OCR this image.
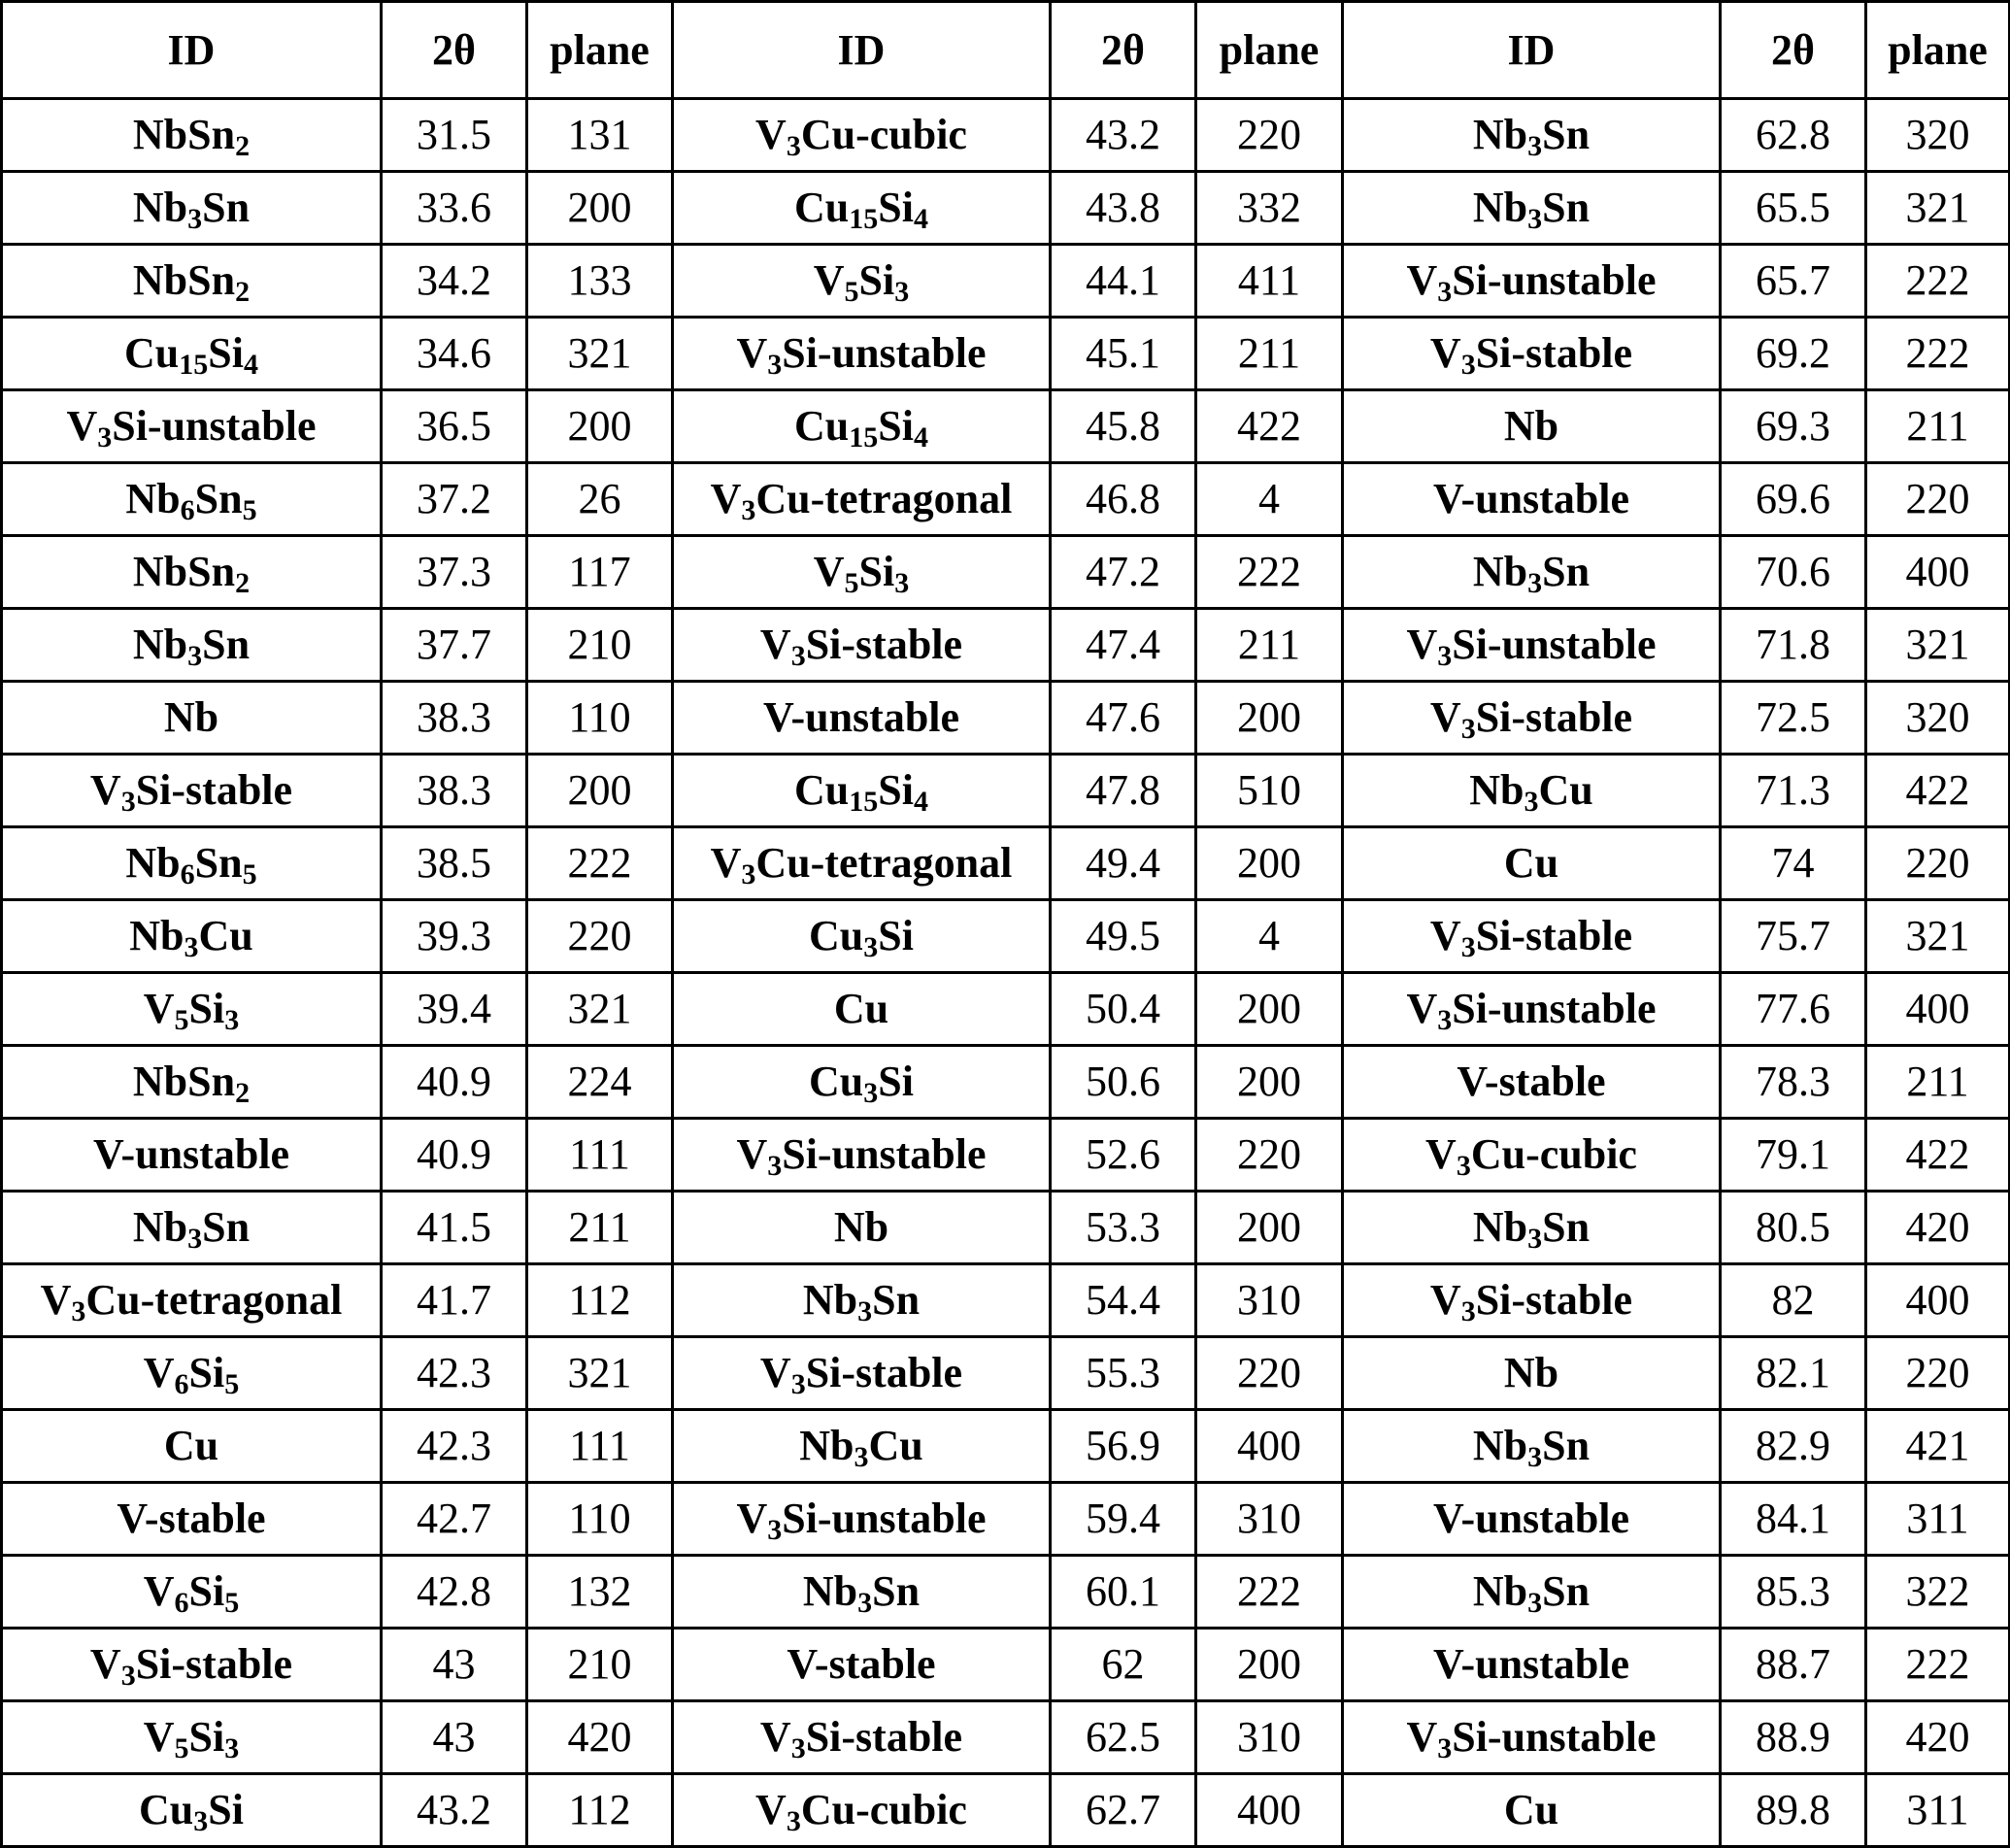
ID	2θ	plane	ID	2θ	plane	ID	2θ	plane
NbSn$_2$	31.5	131	$V_3Cu$-cubic	43.2	220	$Nb_3Sn$	62.8	320
$Nb_3Sn$	33.6	200	$Cu_{15}Si_4$	43.8	332	$Nb_3Sn$	65.5	321
NbSn$_2$	34.2	133	$V_5Si_3$	44.1	411	$V_3Si$-unstable	65.7	222
$Cu_{15}Si_4$	34.6	321	$V_3Si$-unstable	45.1	211	$V_3Si$-stable	69.2	222
$V_3Si$-unstable	36.5	200	$Cu_{15}Si_4$	45.8	422	Nb	69.3	211
$Nb_6Sn_5$	37.2	26	$V_3Cu$-tetragonal	46.8	4	V-unstable	69.6	220
NbSn$_2$	37.3	117	$V_5Si_3$	47.2	222	$Nb_3Sn$	70.6	400
$Nb_3Sn$	37.7	210	$V_3Si$-stable	47.4	211	$V_3Si$-unstable	71.8	321
Nb	38.3	110	V-unstable	47.6	200	$V_3Si$-stable	72.5	320
$V_3Si$-stable	38.3	200	$Cu_{15}Si_4$	47.8	510	$Nb_3Cu$	71.3	422
$Nb_6Sn_5$	38.5	222	$V_3Cu$-tetragonal	49.4	200	Cu	74	220
$Nb_3Cu$	39.3	220	$Cu_3Si$	49.5	4	$V_3Si$-stable	75.7	321
$V_5Si_3$	39.4	321	Cu	50.4	200	$V_3Si$-unstable	77.6	400
NbSn$_2$	40.9	224	$Cu_3Si$	50.6	200	V-stable	78.3	211
V-unstable	40.9	111	$V_3Si$-unstable	52.6	220	$V_3Cu$-cubic	79.1	422
$Nb_3Sn$	41.5	211	Nb	53.3	200	$Nb_3Sn$	80.5	420
$V_3Cu$-tetragonal	41.7	112	$Nb_3Sn$	54.4	310	$V_3Si$-stable	82	400
$V_6Si_5$	42.3	321	$V_3Si$-stable	55.3	220	Nb	82.1	220
Cu	42.3	111	$Nb_3Cu$	56.9	400	$Nb_3Sn$	82.9	421
V-stable	42.7	110	$V_3Si$-unstable	59.4	310	V-unstable	84.1	311
$V_6Si_5$	42.8	132	$Nb_3Sn$	60.1	222	$Nb_3Sn$	85.3	322
$V_3Si$-stable	43	210	V-stable	62	200	V-unstable	88.7	222
$V_5Si_3$	43	420	$V_3Si$-stable	62.5	310	$V_3Si$-unstable	88.9	420
$Cu_3Si$	43.2	112	$V_3Cu$-cubic	62.7	400	Cu	89.8	311
